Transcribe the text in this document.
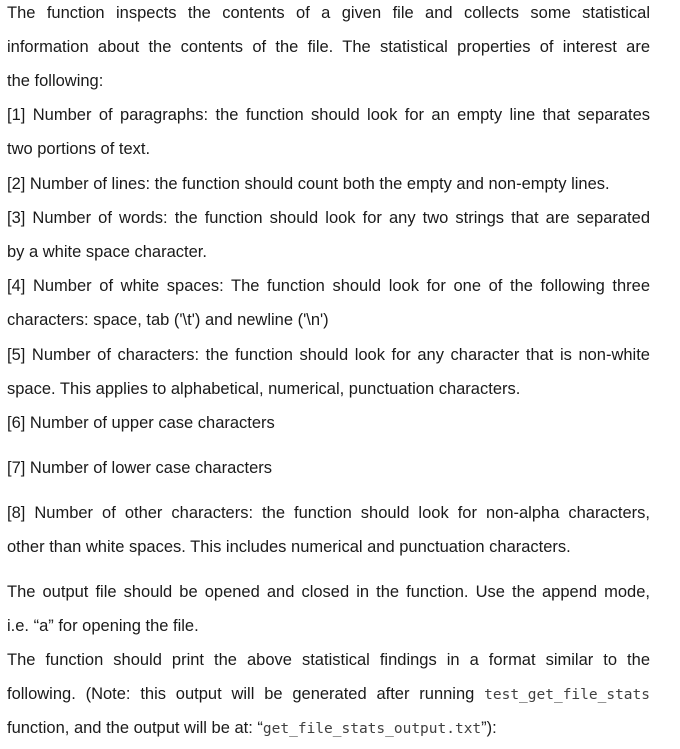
The function inspects the contents of a given file and collects some statistical
information about the contents of the file. The statistical properties of interest are
the following:
[1] Number of paragraphs: the function should look for an empty line that separates
two portions of text.
[2] Number of lines: the function should count both the empty and non-empty lines.
[3] Number of words: the function should look for any two strings that are separated
by a white space character.
[4] Number of white spaces: The function should look for one of the following three
characters: space, tab ('\t') and newline ('\n')
[5] Number of characters: the function should look for any character that is non-white
space. This applies to alphabetical, numerical, punctuation characters.
[6] Number of upper case characters
[7] Number of lower case characters
[8] Number of other characters: the function should look for non-alpha characters,
other than white spaces. This includes numerical and punctuation characters.
The output file should be opened and closed in the function. Use the append mode,
i.e. “a” for opening the file.
The function should print the above statistical findings in a format similar to the
following. (Note: this output will be generated after running test_get_file_stats
function, and the output will be at: “get_file_stats_output.txt”):
